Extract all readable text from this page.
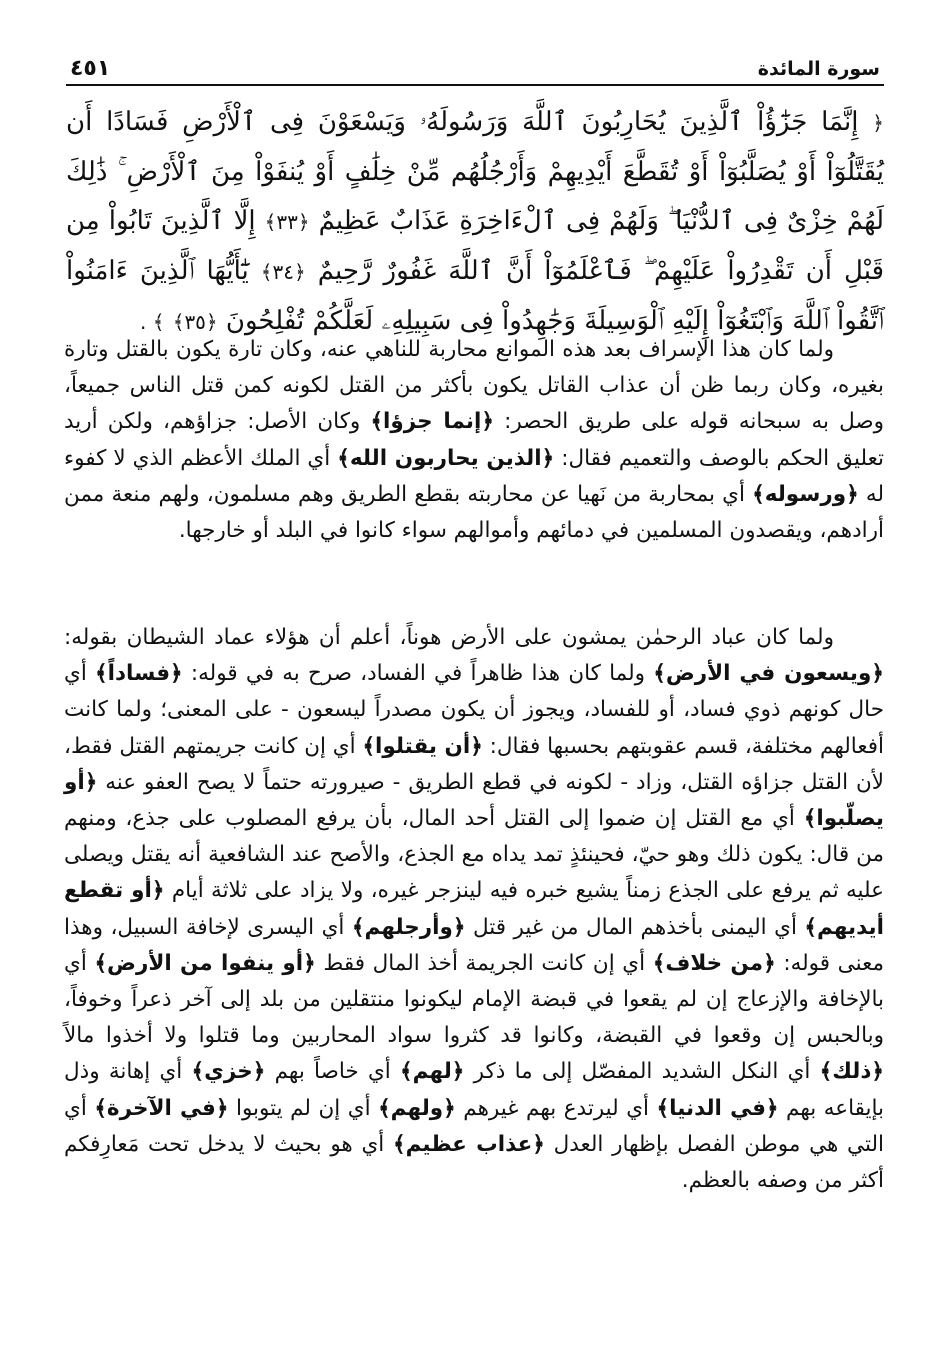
سورة المائدة
٤٥١
﴿ إِنَّمَا جَزَٰٓؤُاْ ٱلَّذِينَ يُحَارِبُونَ ٱللَّهَ وَرَسُولَهُۥ وَيَسْعَوْنَ فِى ٱلْأَرْضِ فَسَادًا أَن يُقَتَّلُوٓاْ أَوْ يُصَلَّبُوٓاْ أَوْ تُقَطَّعَ أَيْدِيهِمْ وَأَرْجُلُهُم مِّنْ خِلَٰفٍ أَوْ يُنفَوْاْ مِنَ ٱلْأَرْضِ ۚ ذَٰلِكَ لَهُمْ خِزْىٌ فِى ٱلدُّنْيَا ۖ وَلَهُمْ فِى ٱلْءَاخِرَةِ عَذَابٌ عَظِيمٌ ﴿٣٣﴾ إِلَّا ٱلَّذِينَ تَابُواْ مِن قَبْلِ أَن تَقْدِرُواْ عَلَيْهِمْ ۖ فَٱعْلَمُوٓاْ أَنَّ ٱللَّهَ غَفُورٌ رَّحِيمٌ ﴿٣٤﴾ يَٰٓأَيُّهَا ٱلَّذِينَ ءَامَنُواْ ٱتَّقُواْ ٱللَّهَ وَٱبْتَغُوٓاْ إِلَيْهِ ٱلْوَسِيلَةَ وَجَٰهِدُواْ فِى سَبِيلِهِۦ لَعَلَّكُمْ تُفْلِحُونَ ﴿٣٥﴾ ﴾ .

ولما كان هذا الإسراف بعد هذه الموانع محاربة للناهي عنه، وكان تارة يكون بالقتل وتارة بغيره، وكان ربما ظن أن عذاب القاتل يكون بأكثر من القتل لكونه كمن قتل الناس جميعاً، وصل به سبحانه قوله على طريق الحصر: ﴿إنما جزؤا﴾ وكان الأصل: جزاؤهم، ولكن أريد تعليق الحكم بالوصف والتعميم فقال: ﴿الذين يحاربون الله﴾ أي الملك الأعظم الذي لا كفوء له ﴿ورسوله﴾ أي بمحاربة من نَهيا عن محاربته بقطع الطريق وهم مسلمون، ولهم منعة ممن أرادهم، ويقصدون المسلمين في دمائهم وأموالهم سواء كانوا في البلد أو خارجها.

ولما كان عباد الرحمٰن يمشون على الأرض هوناً، أعلم أن هؤلاء عماد الشيطان بقوله: ﴿ويسعون في الأرض﴾ ولما كان هذا ظاهراً في الفساد، صرح به في قوله: ﴿فساداً﴾ أي حال كونهم ذوي فساد، أو للفساد، ويجوز أن يكون مصدراً ليسعون - على المعنى؛ ولما كانت أفعالهم مختلفة، قسم عقوبتهم بحسبها فقال: ﴿أن يقتلوا﴾ أي إن كانت جريمتهم القتل فقط، لأن القتل جزاؤه القتل، وزاد - لكونه في قطع الطريق - صيرورته حتماً لا يصح العفو عنه ﴿أو يصلّبوا﴾ أي مع القتل إن ضموا إلى القتل أحد المال، بأن يرفع المصلوب على جذع، ومنهم من قال: يكون ذلك وهو حيّ، فحينئذٍ تمد يداه مع الجذع، والأصح عند الشافعية أنه يقتل ويصلى عليه ثم يرفع على الجذع زمناً يشيع خبره فيه لينزجر غيره، ولا يزاد على ثلاثة أيام ﴿أو تقطع أيديهم﴾ أي اليمنى بأخذهم المال من غير قتل ﴿وأرجلهم﴾ أي اليسرى لإخافة السبيل، وهذا معنى قوله: ﴿من خلاف﴾ أي إن كانت الجريمة أخذ المال فقط ﴿أو ينفوا من الأرض﴾ أي بالإخافة والإزعاج إن لم يقعوا في قبضة الإمام ليكونوا منتقلين من بلد إلى آخر ذعراً وخوفاً، وبالحبس إن وقعوا في القبضة، وكانوا قد كثروا سواد المحاربين وما قتلوا ولا أخذوا مالاً ﴿ذلك﴾ أي النكل الشديد المفصّل إلى ما ذكر ﴿لهم﴾ أي خاصاً بهم ﴿خزي﴾ أي إهانة وذل بإيقاعه بهم ﴿في الدنيا﴾ أي ليرتدع بهم غيرهم ﴿ولهم﴾ أي إن لم يتوبوا ﴿في الآخرة﴾ أي التي هي موطن الفصل بإظهار العدل ﴿عذاب عظيم﴾ أي هو بحيث لا يدخل تحت مَعارِفكم أكثر من وصفه بالعظم.
